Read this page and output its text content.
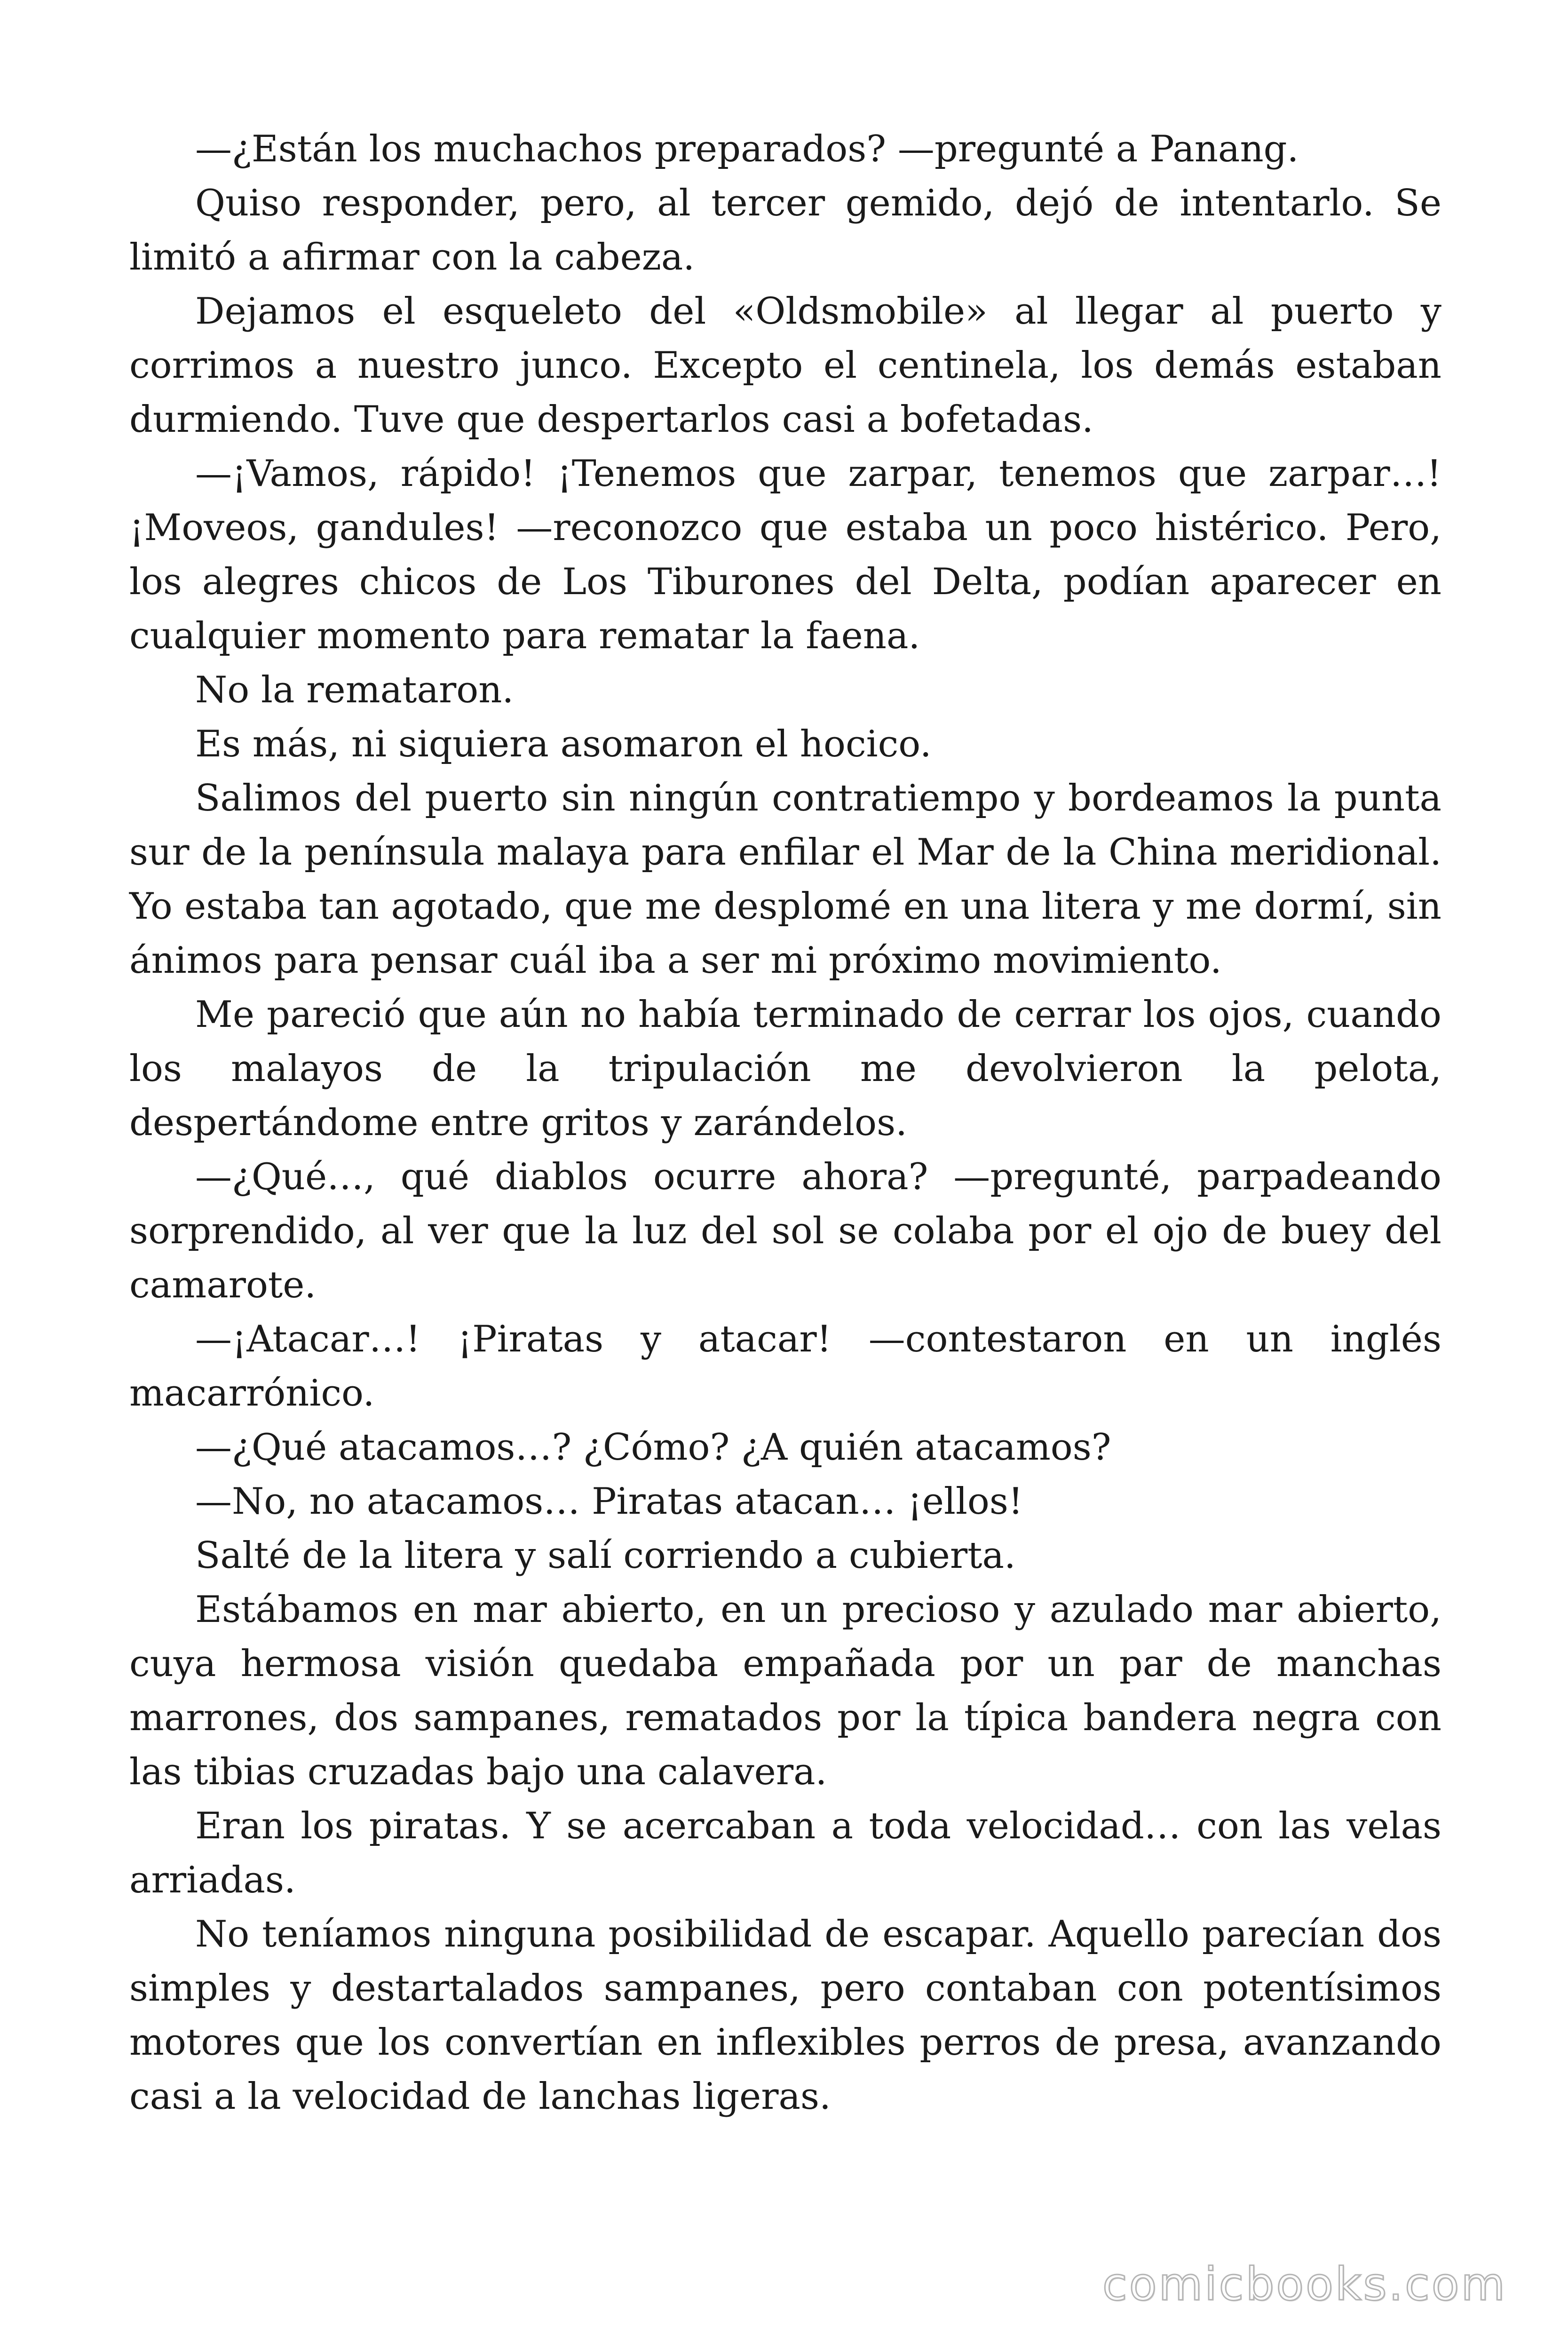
—¿Están los muchachos preparados? —pregunté a Panang.

Quiso responder, pero, al tercer gemido, dejó de intentarlo. Se limitó a afirmar con la cabeza.

Dejamos el esqueleto del «Oldsmobile» al llegar al puerto y corrimos a nuestro junco. Excepto el centinela, los demás estaban durmiendo. Tuve que despertarlos casi a bofetadas.

—¡Vamos, rápido! ¡Tenemos que zarpar, tenemos que zarpar…! ¡Moveos, gandules! —reconozco que estaba un poco histérico. Pero, los alegres chicos de Los Tiburones del Delta, podían aparecer en cualquier momento para rematar la faena.

No la remataron.

Es más, ni siquiera asomaron el hocico.

Salimos del puerto sin ningún contratiempo y bordeamos la punta sur de la península malaya para enfilar el Mar de la China meridional. Yo estaba tan agotado, que me desplomé en una litera y me dormí, sin ánimos para pensar cuál iba a ser mi próximo movimiento.

Me pareció que aún no había terminado de cerrar los ojos, cuando los malayos de la tripulación me devolvieron la pelota, despertándome entre gritos y zarándelos.

—¿Qué…, qué diablos ocurre ahora? —pregunté, parpadeando sorprendido, al ver que la luz del sol se colaba por el ojo de buey del camarote.

—¡Atacar…! ¡Piratas y atacar! —contestaron en un inglés macarrónico.

—¿Qué atacamos…? ¿Cómo? ¿A quién atacamos?

—No, no atacamos… Piratas atacan… ¡ellos!

Salté de la litera y salí corriendo a cubierta.

Estábamos en mar abierto, en un precioso y azulado mar abierto, cuya hermosa visión quedaba empañada por un par de manchas marrones, dos sampanes, rematados por la típica bandera negra con las tibias cruzadas bajo una calavera.

Eran los piratas. Y se acercaban a toda velocidad… con las velas arriadas.

No teníamos ninguna posibilidad de escapar. Aquello parecían dos simples y destartalados sampanes, pero contaban con potentísimos motores que los convertían en inflexibles perros de presa, avanzando casi a la velocidad de lanchas ligeras.

comicbooks.com
